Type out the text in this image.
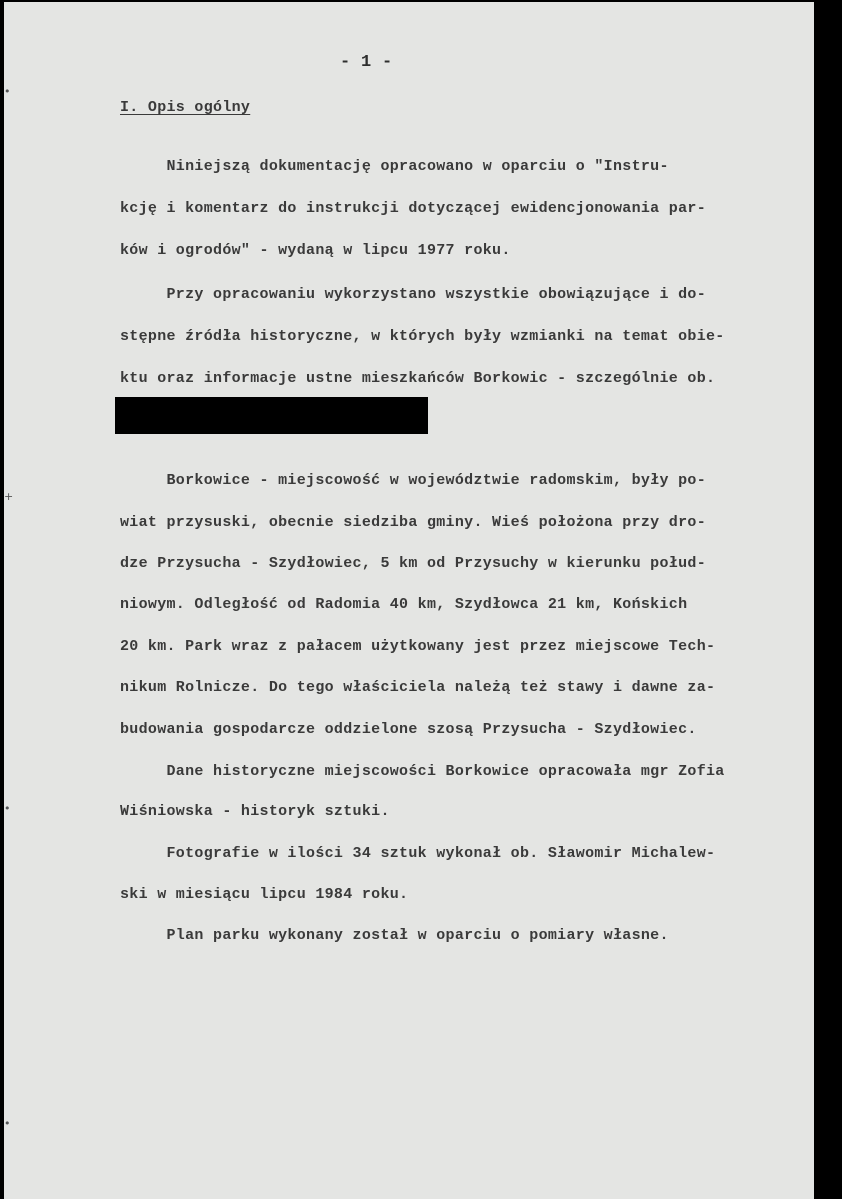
•
+
•
•

- 1 -

I. Opis ogólny

Niniejszą dokumentację opracowano w oparciu o "Instru-

kcję i komentarz do instrukcji dotyczącej ewidencjonowania par-

ków i ogrodów" - wydaną w lipcu 1977 roku.

Przy opracowaniu wykorzystano wszystkie obowiązujące i do-

stępne źródła historyczne, w których były wzmianki na temat obie-

ktu oraz informacje ustne mieszkańców Borkowic - szczególnie ob.

Borkowice - miejscowość w województwie radomskim, były po-

wiat przysuski, obecnie siedziba gminy. Wieś położona przy dro-

dze Przysucha - Szydłowiec, 5 km od Przysuchy w kierunku połud-

niowym. Odległość od Radomia 40 km, Szydłowca 21 km, Końskich

20 km. Park wraz z pałacem użytkowany jest przez miejscowe Tech-

nikum Rolnicze. Do tego właściciela należą też stawy i dawne za-

budowania gospodarcze oddzielone szosą Przysucha - Szydłowiec.

Dane historyczne miejscowości Borkowice opracowała mgr Zofia

Wiśniowska - historyk sztuki.

Fotografie w ilości 34 sztuk wykonał ob. Sławomir Michalew-

ski w miesiącu lipcu 1984 roku.

Plan parku wykonany został w oparciu o pomiary własne.
